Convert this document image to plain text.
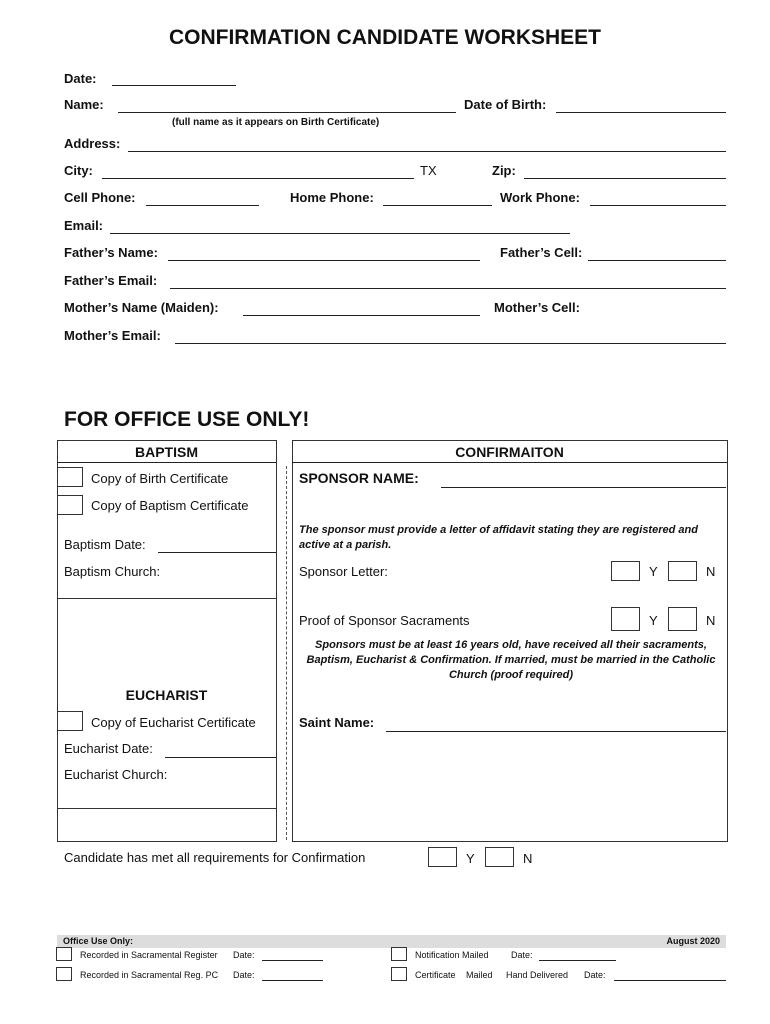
CONFIRMATION CANDIDATE WORKSHEET
Date:
Name:
(full name as it appears on Birth Certificate)
Date of Birth:
Address:
City:	TX	Zip:
Cell Phone:	Home Phone:	Work Phone:
Email:
Father’s Name:	Father’s Cell:
Father’s Email:
Mother’s Name (Maiden):	Mother’s Cell:
Mother’s Email:
FOR OFFICE USE ONLY!
BAPTISM
Copy of Birth Certificate
Copy of Baptism Certificate
Baptism Date:
Baptism Church:
EUCHARIST
Copy of Eucharist Certificate
Eucharist Date:
Eucharist Church:
CONFIRMAITON
SPONSOR NAME:
The sponsor must provide a letter of affidavit stating they are registered and active at a parish.
Sponsor Letter:	Y	N
Proof of Sponsor Sacraments	Y	N
Sponsors must be at least 16 years old, have received all their sacraments, Baptism, Eucharist & Confirmation. If married, must be married in the Catholic Church (proof required)
Saint Name:
Candidate has met all requirements for Confirmation	Y	N
Office Use Only:	August 2020
Recorded in Sacramental Register Date:
Recorded in Sacramental Reg. PC Date:
Notification Mailed Date:
Certificate Mailed Hand Delivered Date:
